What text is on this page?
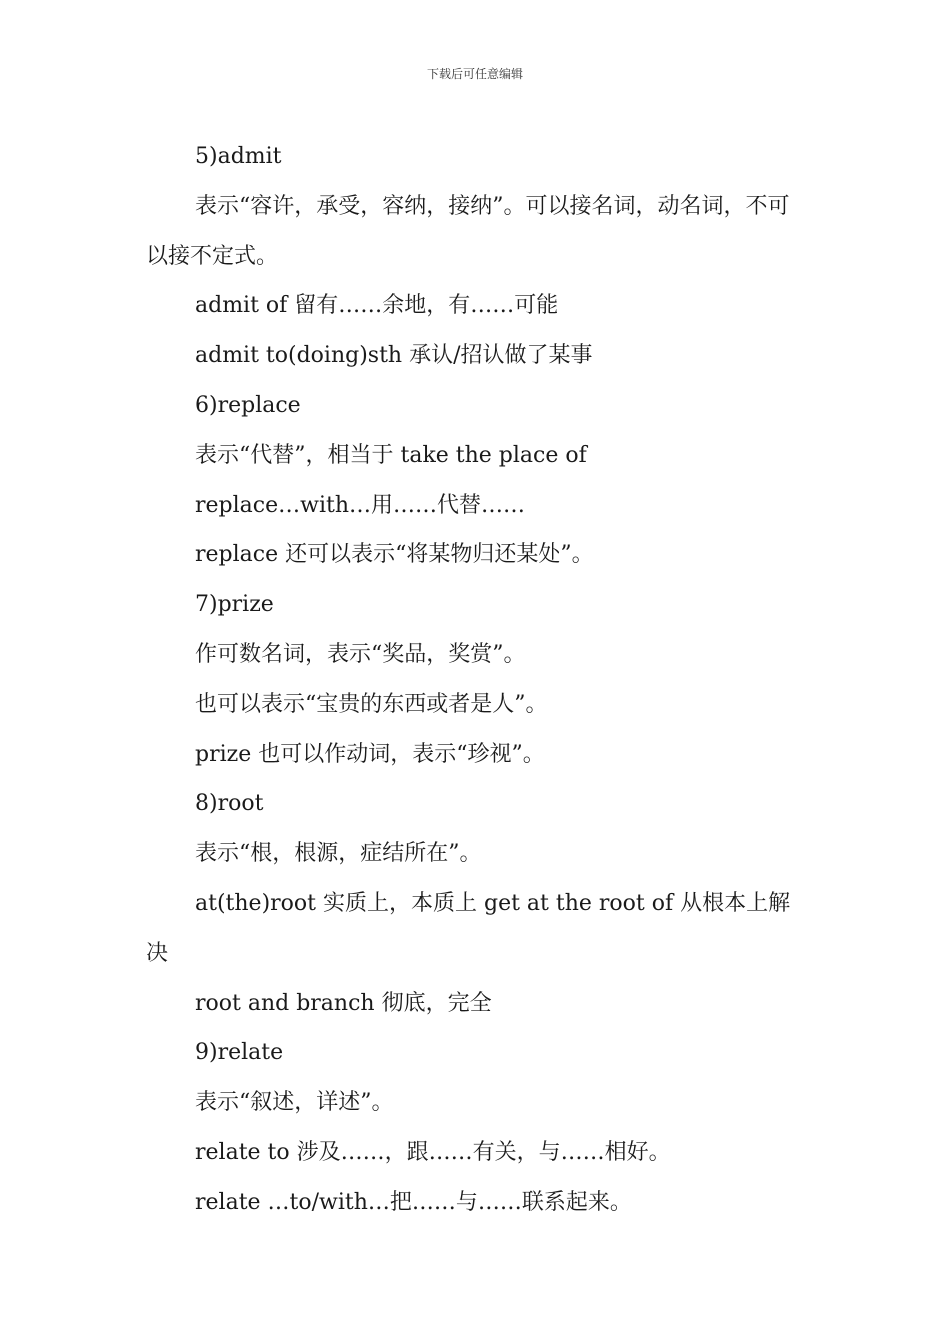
下载后可任意编辑

5)admit

表示“容许，承受，容纳，接纳”。可以接名词，动名词，不可以接不定式。

admit of 留有……余地，有……可能

admit to(doing)sth 承认/招认做了某事

6)replace

表示“代替”，相当于 take the place of

replace…with…用……代替……

replace 还可以表示“将某物归还某处”。

7)prize

作可数名词，表示“奖品，奖赏”。

也可以表示“宝贵的东西或者是人”。

prize 也可以作动词，表示“珍视”。

8)root

表示“根，根源，症结所在”。

at(the)root 实质上，本质上 get at the root of 从根本上解决

root and branch 彻底，完全

9)relate

表示“叙述，详述”。

relate to 涉及……，跟……有关，与……相好。

relate …to/with…把……与……联系起来。
